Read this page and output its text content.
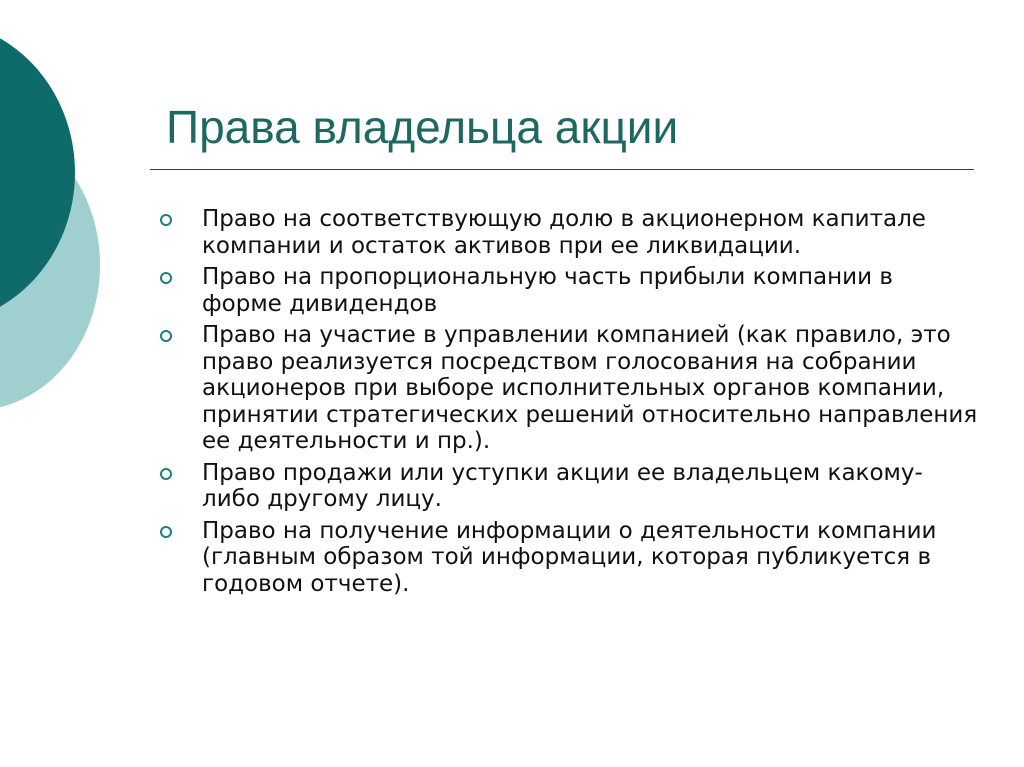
Права владельца акции
Право на соответствующую долю в акционерном капитале компании и остаток активов при ее ликвидации.
Право на пропорциональную часть прибыли компании в форме дивидендов
Право на участие в управлении компанией (как правило, это право реализуется посредством голосования на собрании акционеров при выборе исполнительных органов компании, принятии стратегических решений относительно направления ее деятельности и пр.).
Право продажи или уступки акции ее владельцем какому-либо другому лицу.
Право на получение информации о деятельности компании (главным образом той информации, которая публикуется в годовом отчете).
